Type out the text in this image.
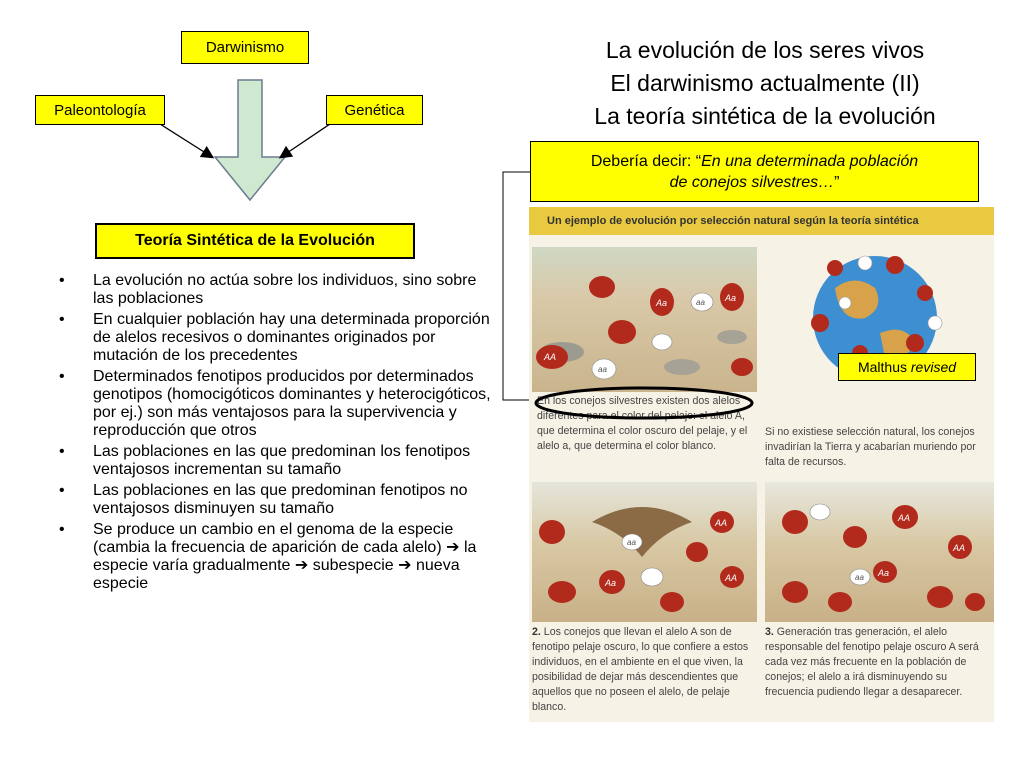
Darwinismo
Paleontología	Genética
Teoría Sintética de la Evolución
La evolución de los seres vivos
El darwinismo actualmente (II)
La teoría sintética de la evolución
Debería decir: “En una determinada población
de conejos silvestres…”
• La evolución no actúa sobre los individuos, sino sobre las poblaciones
• En cualquier población hay una determinada proporción de alelos recesivos o dominantes originados por mutación de los precedentes
• Determinados fenotipos producidos por determinados genotipos (homocigóticos dominantes y heterocigóticos, por ej.) son más ventajosos para la supervivencia y reproducción que otros
• Las poblaciones en las que predominan los fenotipos ventajosos incrementan su tamaño
• Las poblaciones en las que predominan fenotipos no ventajosos disminuyen su tamaño
• Se produce un cambio en el genoma de la especie (cambia la frecuencia de aparición de cada alelo) ➔ la especie varía gradualmente ➔ subespecie ➔ nueva especie
Un ejemplo de evolución por selección natural según la teoría sintética
AA
Aa	Aa
aa
aa
En los conejos silvestres existen dos alelos diferentes para el color del pelaje: el alelo A, que determina el color oscuro del pelaje, y el alelo a, que determina el color blanco.
Si no existiese selección natural, los conejos invadirían la Tierra y acabarían muriendo por falta de recursos.
AA
AA
Aa
aa
AA
AA
Aa
aa
2. Los conejos que llevan el alelo A son de fenotipo pelaje oscuro, lo que confiere a estos individuos, en el ambiente en el que viven, la posibilidad de dejar más descendientes que aquellos que no poseen el alelo, de pelaje blanco.
3. Generación tras generación, el alelo responsable del fenotipo pelaje oscuro A será cada vez más frecuente en la población de conejos; el alelo a irá disminuyendo su frecuencia pudiendo llegar a desaparecer.
Malthus
revised
